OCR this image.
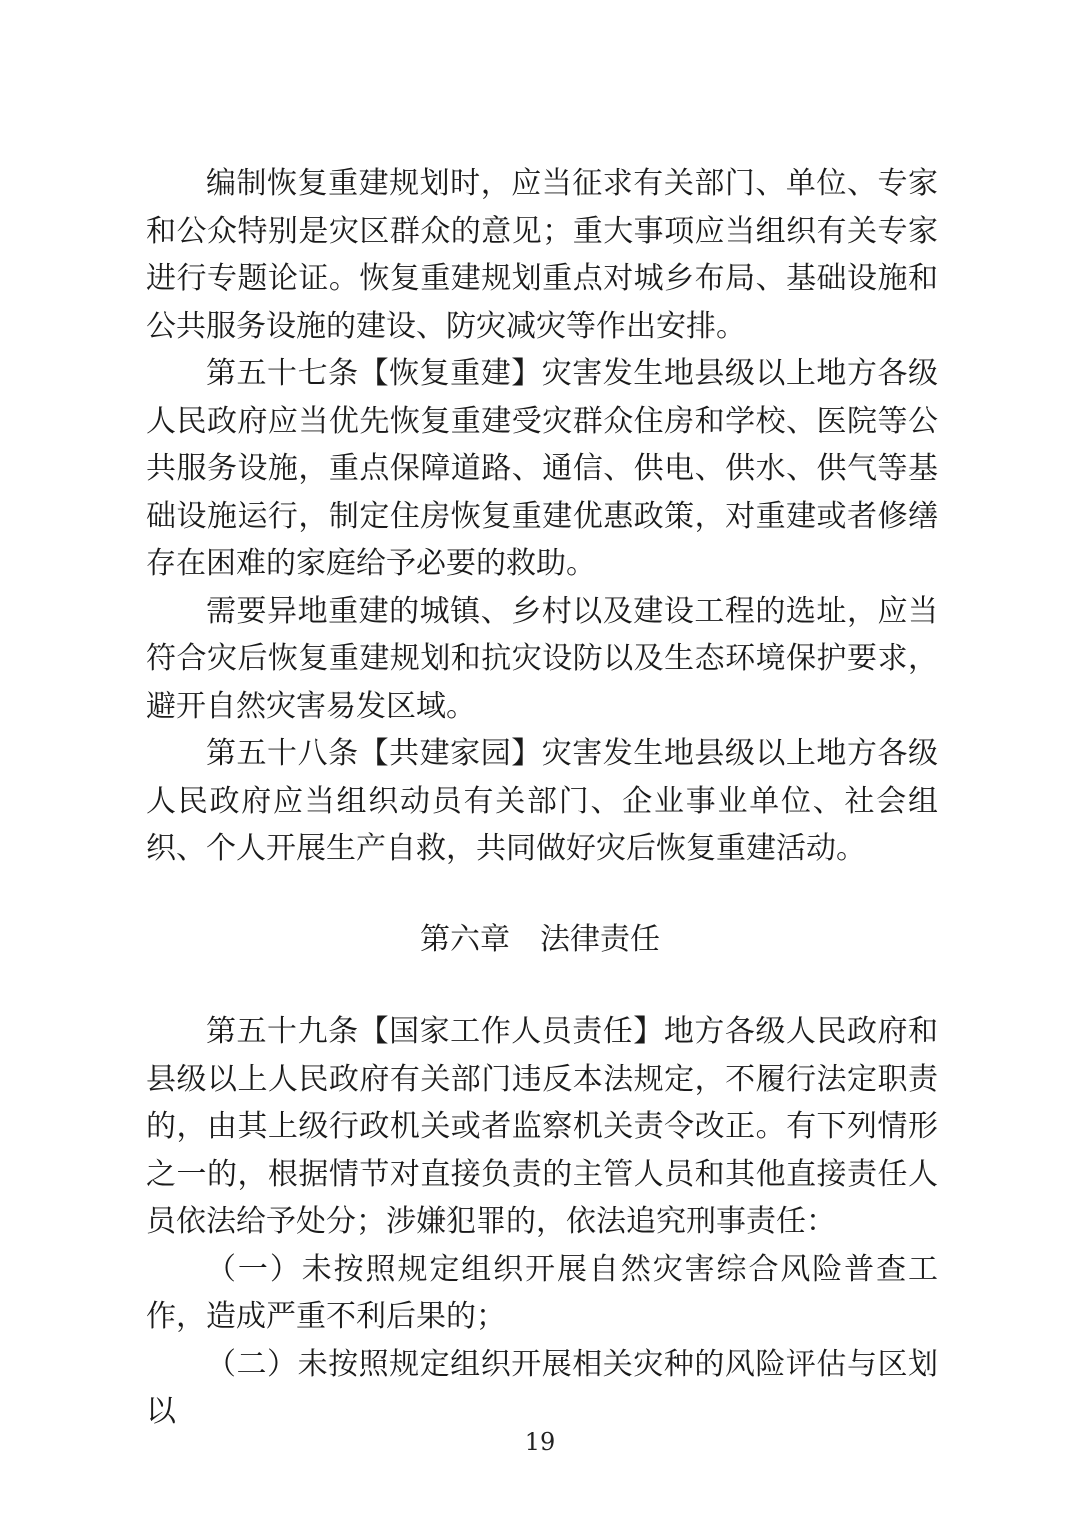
编制恢复重建规划时，应当征求有关部门、单位、专家和公众特别是灾区群众的意见；重大事项应当组织有关专家进行专题论证。恢复重建规划重点对城乡布局、基础设施和公共服务设施的建设、防灾减灾等作出安排。

第五十七条【恢复重建】灾害发生地县级以上地方各级人民政府应当优先恢复重建受灾群众住房和学校、医院等公共服务设施，重点保障道路、通信、供电、供水、供气等基础设施运行，制定住房恢复重建优惠政策，对重建或者修缮存在困难的家庭给予必要的救助。

需要异地重建的城镇、乡村以及建设工程的选址，应当符合灾后恢复重建规划和抗灾设防以及生态环境保护要求，避开自然灾害易发区域。

第五十八条【共建家园】灾害发生地县级以上地方各级人民政府应当组织动员有关部门、企业事业单位、社会组织、个人开展生产自救，共同做好灾后恢复重建活动。

第六章 法律责任

第五十九条【国家工作人员责任】地方各级人民政府和县级以上人民政府有关部门违反本法规定，不履行法定职责的，由其上级行政机关或者监察机关责令改正。有下列情形之一的，根据情节对直接负责的主管人员和其他直接责任人员依法给予处分；涉嫌犯罪的，依法追究刑事责任：

（一）未按照规定组织开展自然灾害综合风险普查工作，造成严重不利后果的；

（二）未按照规定组织开展相关灾种的风险评估与区划以

19
